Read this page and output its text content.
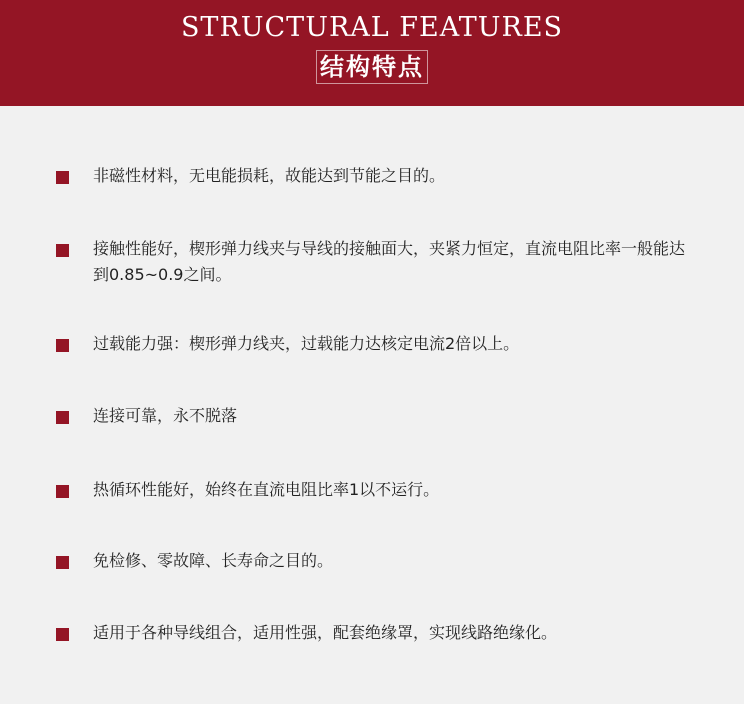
STRUCTURAL FEATURES
结构特点
非磁性材料，无电能损耗，故能达到节能之目的。
接触性能好，楔形弹力线夹与导线的接触面大，夹紧力恒定，直流电阻比率一般能达到0.85~0.9之间。
过载能力强：楔形弹力线夹，过载能力达核定电流2倍以上。
连接可靠，永不脱落
热循环性能好，始终在直流电阻比率1以不运行。
免检修、零故障、长寿命之目的。
适用于各种导线组合，适用性强，配套绝缘罩，实现线路绝缘化。
